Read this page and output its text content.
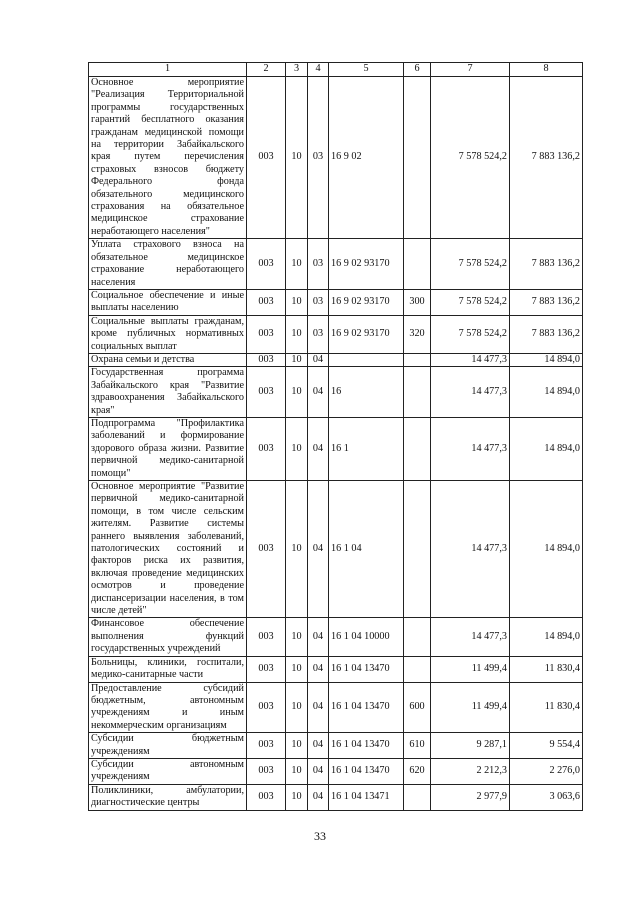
1	2	3	4	5	6	7	8
Основное мероприятие "Реализация Территориальной программы государственных гарантий бесплатного оказания гражданам медицинской помощи на территории Забайкальского края путем перечисления страховых взносов бюджету Федерального фонда обязательного медицинского страхования на обязательное медицинское страхование неработающего населения"	003	10	03	16 9 02		7 578 524,2	7 883 136,2
Уплата страхового взноса на обязательное медицинское страхование неработающего населения	003	10	03	16 9 02 93170		7 578 524,2	7 883 136,2
Социальное обеспечение и иные выплаты населению	003	10	03	16 9 02 93170	300	7 578 524,2	7 883 136,2
Социальные выплаты гражданам, кроме публичных нормативных социальных выплат	003	10	03	16 9 02 93170	320	7 578 524,2	7 883 136,2
Охрана семьи и детства	003	10	04			14 477,3	14 894,0
Государственная программа Забайкальского края "Развитие здравоохранения Забайкальского края"	003	10	04	16		14 477,3	14 894,0
Подпрограмма "Профилактика заболеваний и формирование здорового образа жизни. Развитие первичной медико-санитарной помощи"	003	10	04	16 1		14 477,3	14 894,0
Основное мероприятие "Развитие первичной медико-санитарной помощи, в том числе сельским жителям. Развитие системы раннего выявления заболеваний, патологических состояний и факторов риска их развития, включая проведение медицинских осмотров и проведение диспансеризации населения, в том числе детей"	003	10	04	16 1 04		14 477,3	14 894,0
Финансовое обеспечение выполнения функций государственных учреждений	003	10	04	16 1 04 10000		14 477,3	14 894,0
Больницы, клиники, госпитали, медико-санитарные части	003	10	04	16 1 04 13470		11 499,4	11 830,4
Предоставление субсидий бюджетным, автономным учреждениям и иным некоммерческим организациям	003	10	04	16 1 04 13470	600	11 499,4	11 830,4
Субсидии бюджетным учреждениям	003	10	04	16 1 04 13470	610	9 287,1	9 554,4
Субсидии автономным учреждениям	003	10	04	16 1 04 13470	620	2 212,3	2 276,0
Поликлиники, амбулатории, диагностические центры	003	10	04	16 1 04 13471		2 977,9	3 063,6
33
